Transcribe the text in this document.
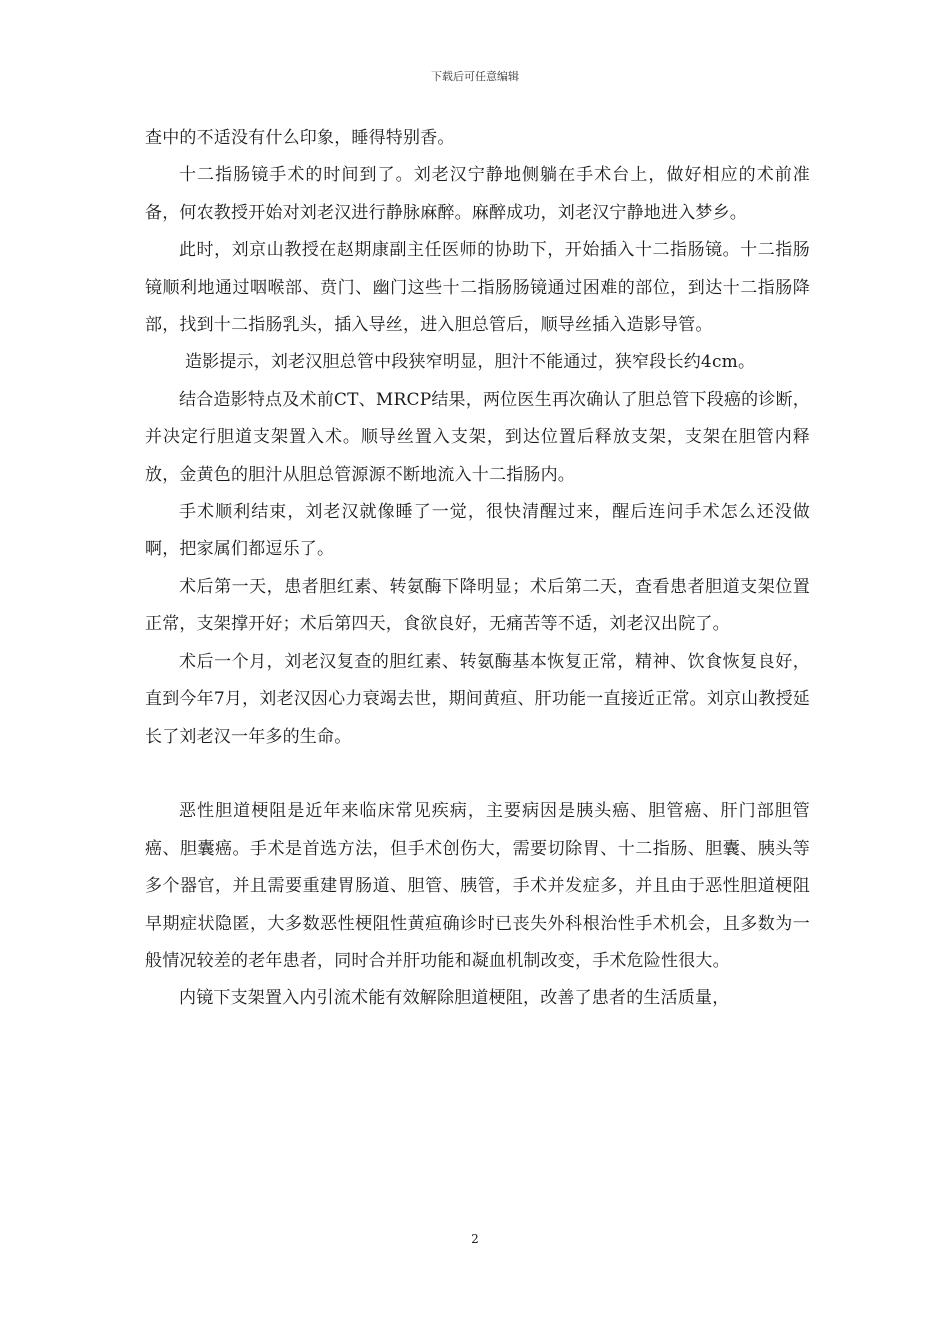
下载后可任意编辑

查中的不适没有什么印象，睡得特别香。

十二指肠镜手术的时间到了。刘老汉宁静地侧躺在手术台上，做好相应的术前准备，何农教授开始对刘老汉进行静脉麻醉。麻醉成功，刘老汉宁静地进入梦乡。

此时，刘京山教授在赵期康副主任医师的协助下，开始插入十二指肠镜。十二指肠镜顺利地通过咽喉部、贲门、幽门这些十二指肠肠镜通过困难的部位，到达十二指肠降部，找到十二指肠乳头，插入导丝，进入胆总管后，顺导丝插入造影导管。

造影提示，刘老汉胆总管中段狭窄明显，胆汁不能通过，狭窄段长约4cm。

结合造影特点及术前CT、MRCP结果，两位医生再次确认了胆总管下段癌的诊断，并决定行胆道支架置入术。顺导丝置入支架，到达位置后释放支架，支架在胆管内释放，金黄色的胆汁从胆总管源源不断地流入十二指肠内。

手术顺利结束，刘老汉就像睡了一觉，很快清醒过来，醒后连问手术怎么还没做啊，把家属们都逗乐了。

术后第一天，患者胆红素、转氨酶下降明显；术后第二天，查看患者胆道支架位置正常，支架撑开好；术后第四天，食欲良好，无痛苦等不适，刘老汉出院了。

术后一个月，刘老汉复查的胆红素、转氨酶基本恢复正常，精神、饮食恢复良好，直到今年7月，刘老汉因心力衰竭去世，期间黄疸、肝功能一直接近正常。刘京山教授延长了刘老汉一年多的生命。

恶性胆道梗阻是近年来临床常见疾病，主要病因是胰头癌、胆管癌、肝门部胆管癌、胆囊癌。手术是首选方法，但手术创伤大，需要切除胃、十二指肠、胆囊、胰头等多个器官，并且需要重建胃肠道、胆管、胰管，手术并发症多，并且由于恶性胆道梗阻早期症状隐匿，大多数恶性梗阻性黄疸确诊时已丧失外科根治性手术机会，且多数为一般情况较差的老年患者，同时合并肝功能和凝血机制改变，手术危险性很大。

内镜下支架置入内引流术能有效解除胆道梗阻，改善了患者的生活质量，

2
